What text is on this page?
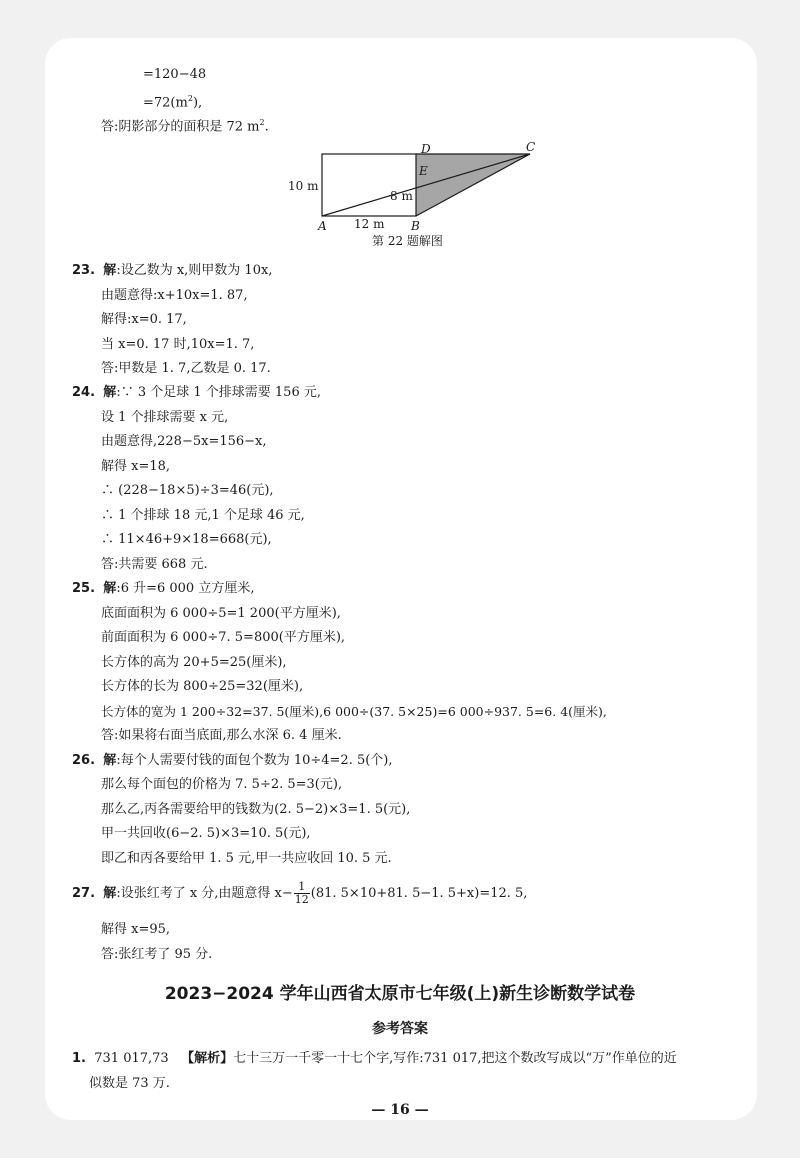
=120−48
$=72(m^2)$,
答:阴影部分的面积是 72 $m^2$.
D	C
E
A	B
10 m
8 m
12 m
第 22 题解图
23. 解:设乙数为 x,则甲数为 10x,
由题意得:x+10x=1. 87,
解得:x=0. 17,
当 x=0. 17 时,10x=1. 7,
答:甲数是 1. 7,乙数是 0. 17.
24. 解:∵ 3 个足球 1 个排球需要 156 元,
设 1 个排球需要 x 元,
由题意得,228−5x=156−x,
解得 x=18,
∴ (228−18×5)÷3=46(元),
∴ 1 个排球 18 元,1 个足球 46 元,
∴ 11×46+9×18=668(元),
答:共需要 668 元.
25. 解:6 升=6 000 立方厘米,
底面面积为 6 000÷5=1 200(平方厘米),
前面面积为 6 000÷7. 5=800(平方厘米),
长方体的高为 20+5=25(厘米),
长方体的长为 800÷25=32(厘米),
长方体的宽为 1 200÷32=37. 5(厘米),6 000÷(37. 5×25)=6 000÷937. 5=6. 4(厘米),
答:如果将右面当底面,那么水深 6. 4 厘米.
26. 解:每个人需要付钱的面包个数为 10÷4=2. 5(个),
那么每个面包的价格为 7. 5÷2. 5=3(元),
那么乙,丙各需要给甲的钱数为(2. 5−2)×3=1. 5(元),
甲一共回收(6−2. 5)×3=10. 5(元),
即乙和丙各要给甲 1. 5 元,甲一共应收回 10. 5 元.
27. 解:设张红考了 x 分,由题意得 $x- \frac{1}{12} (81$. 5×10+81. 5−1. 5+x)=12. 5,
解得 x=95,
答:张红考了 95 分.
2023−2024 学年山西省太原市七年级(上)新生诊断数学试卷
参考答案
1. 731 017,73 【解析】七十三万一千零一十七个字,写作:731 017,把这个数改写成以“万”作单位的近
似数是 73 万.
— 16 —
